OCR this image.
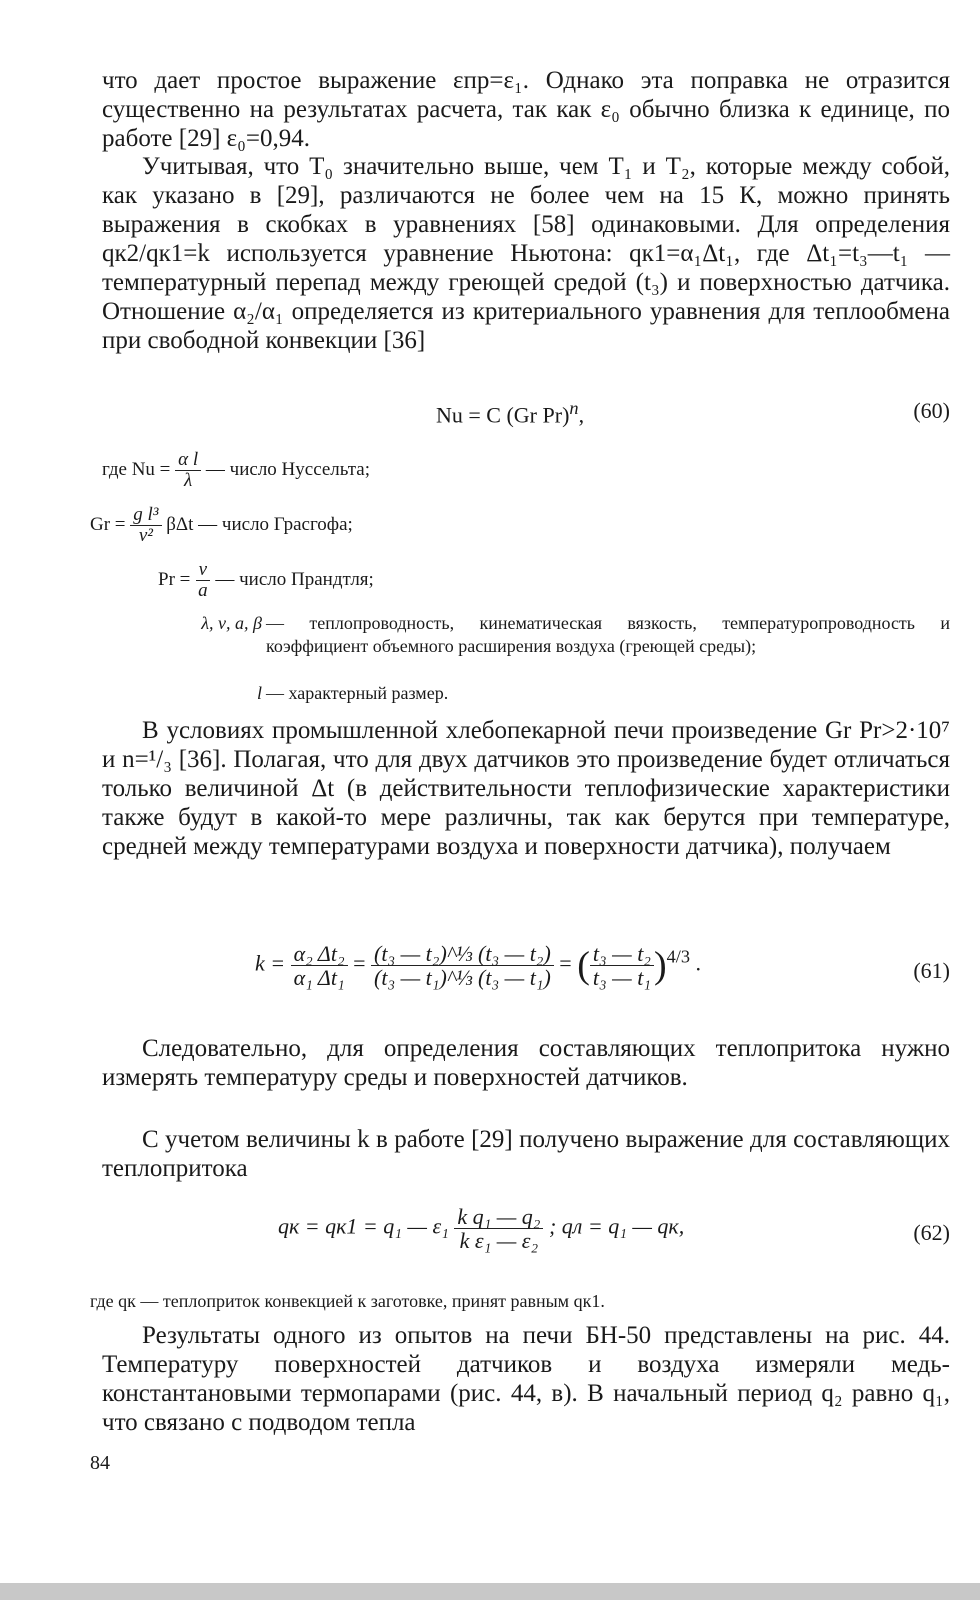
что дает простое выражение εпр=ε₁. Однако эта поправка не отразится существенно на результатах расчета, так как ε₀ обычно близка к единице, по работе [29] ε₀=0,94.

Учитывая, что T₀ значительно выше, чем T₁ и T₂, которые между собой, как указано в [29], различаются не более чем на 15 К, можно принять выражения в скобках в уравнениях [58] одинаковыми. Для определения qк2/qк1=k используется уравнение Ньютона: qк1=α₁Δt₁, где Δt₁=t₃—t₁ — температурный перепад между греющей средой (t₃) и поверхностью датчика. Отношение α₂/α₁ определяется из критериального уравнения для теплообмена при свободной конвекции [36]

Nu = C (Gr Pr)$^n$,	(60)
где $Nu = \frac{\text{α l}}{\lambda}$ — число Нуссельта;
$Gr = \frac{\text{g l³}}{\text{ν²}}$ βΔt — число Грасгофа;
$Pr = \frac{\nu}{a}$ — число Прандтля;
λ, ν, a, β — теплопроводность, кинематическая вязкость, температуропроводность и коэффициент объемного расширения воздуха (греющей среды);
l — характерный размер.

В условиях промышленной хлебопекарной печи произведение Gr Pr>2·10⁷ и n=¹/₃ [36]. Полагая, что для двух датчиков это произведение будет отличаться только величиной Δt (в действительности теплофизические характеристики также будут в какой-то мере различны, так как берутся при температуре, средней между температурами воздуха и поверхности датчика), получаем

$k = \frac{\text{α₂ Δt₂}}{\text{α₁ Δt₁}} = \frac{\text{(t₃ — t₂)\textasciicircum{}⅓ (t₃ — t₂)}}{\text{(t₃ — t₁)\textasciicircum{}⅓ (t₃ — t₁)}}$ = ( $\frac{\text{t₃ — t₂}}{\text{t₃ — t₁}} )^{4/3}$ .	(61)

Следовательно, для определения составляющих теплопритока нужно измерять температуру среды и поверхностей датчиков.

С учетом величины k в работе [29] получено выражение для составляющих теплопритока

qк = qк1 = q₁ — $\varepsilon_1 \frac{\text{k q₁ — q₂}}{\text{k ε₁ — ε₂}}$ ; qл = q₁ — qк,	(62)
где qк — теплоприток конвекцией к заготовке, принят равным qк1.

Результаты одного из опытов на печи БН-50 представлены на рис. 44. Температуру поверхностей датчиков и воздуха измеряли медь-константановыми термопарами (рис. 44, в). В начальный период q₂ равно q₁, что связано с подводом тепла

84
